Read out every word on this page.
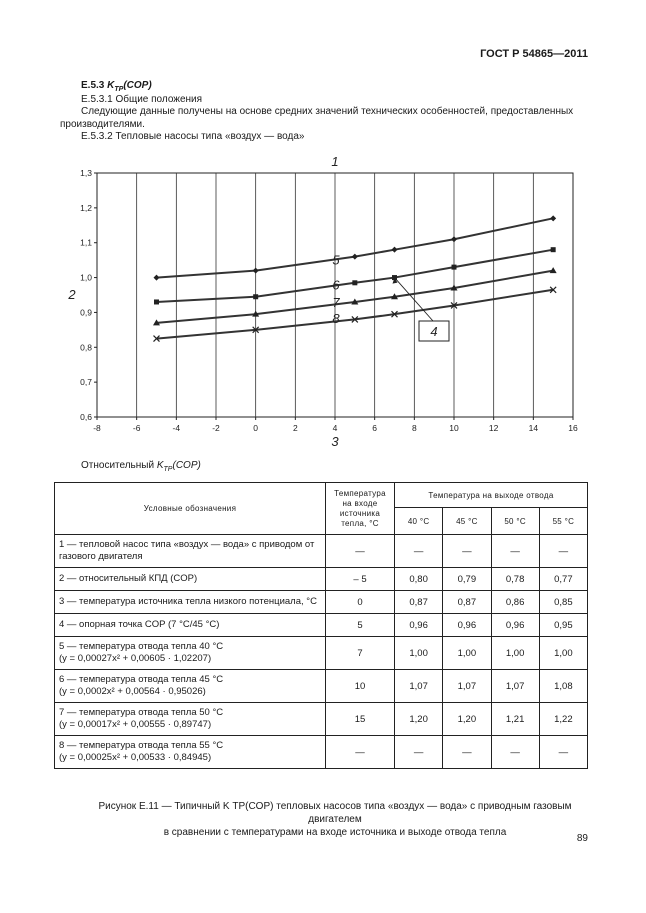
ГОСТ Р 54865—2011
Е.5.3 $K_{ТР}(COP)$
Е.5.3.1 Общие положения
Следующие данные получены на основе средних значений технических особенностей, предоставленных производителями.
Е.5.3.2 Тепловые насосы типа «воздух — вода»
-8	-6	-4	-2	0	2	4	6	8	10	12	14	16
0,6
0,7
0,8
0,9
1,0
1,1
1,2
1,3
1
3
2
5
6
7
8
4
Относительный $K_{ТР}(COP)$
Условные обозначения	Температура на входе источника тепла, °С	Температура на выходе отвода			
		40 °С	45 °С	50 °С	55 °С
1 — тепловой насос типа «воздух — вода» с приводом от газового двигателя	—	—	—	—	—
2 — относительный КПД (COP)	– 5	0,80	0,79	0,78	0,77
3 — температура источника тепла низкого потенциала, °С	0	0,87	0,87	0,86	0,85
4 — опорная точка COP (7 °С/45 °С)	5	0,96	0,96	0,96	0,95
5 — температура отвода тепла 40 °С
(y = 0,00027x² + 0,00605 · 1,02207)	7	1,00	1,00	1,00	1,00
6 — температура отвода тепла 45 °С
(y = 0,0002x² + 0,00564 · 0,95026)	10	1,07	1,07	1,07	1,08
7 — температура отвода тепла 50 °С
(y = 0,00017x² + 0,00555 · 0,89747)	15	1,20	1,20	1,21	1,22
8 — температура отвода тепла 55 °С
(y = 0,00025x² + 0,00533 · 0,84945)	—	—	—	—	—
Рисунок Е.11 — Типичный K ТР(COP) тепловых насосов типа «воздух — вода» с приводным газовым двигателем
в сравнении с температурами на входе источника и выходе отвода тепла
89
